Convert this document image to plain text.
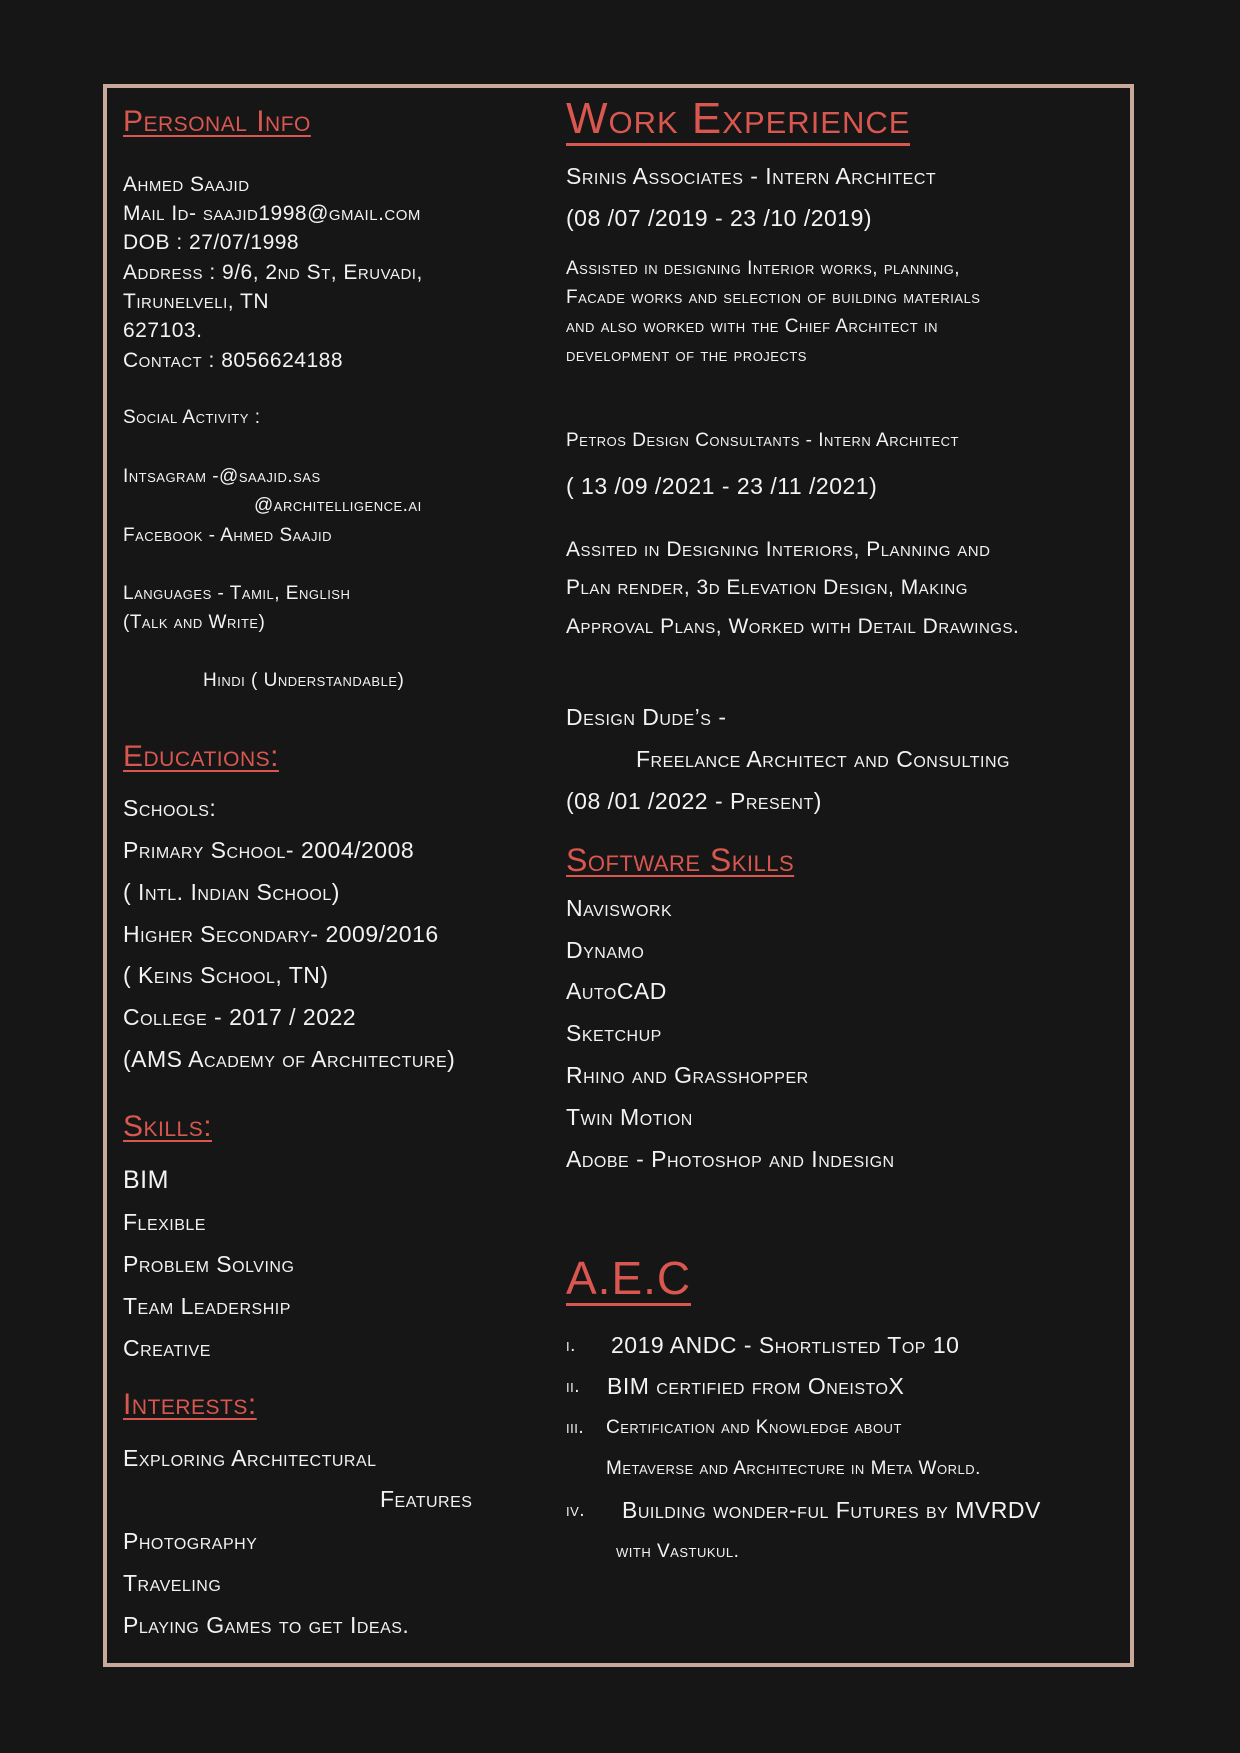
Personal Info
Ahmed Saajid
Mail Id- saajid1998@gmail.com
DOB : 27/07/1998
Address : 9/6, 2nd St, Eruvadi,
Tirunelveli, TN
627103.
Contact : 8056624188
Social Activity :
Intsagram -@saajid.sas
@architelligence.ai
Facebook - Ahmed Saajid
Languages - Tamil, English
(Talk and Write)
Hindi ( Understandable)
Educations:
Schools:
Primary School- 2004/2008
( Intl. Indian School)
Higher Secondary- 2009/2016
( Keins School, TN)
College - 2017 / 2022
(AMS Academy of Architecture)
Skills:
BIM
Flexible
Problem Solving
Team Leadership
Creative
Interests:
Exploring Architectural
Features
Photography
Traveling
Playing Games to get Ideas.
Work Experience
Srinis Associates - Intern Architect
(08 /07 /2019 - 23 /10 /2019)
Assisted in designing Interior works, planning,
Facade works and selection of building materials
and also worked with the Chief Architect in
development of the projects
Petros Design Consultants - Intern Architect
( 13 /09 /2021 - 23 /11 /2021)
Assited in Designing Interiors, Planning and
Plan render, 3d Elevation Design, Making
Approval Plans, Worked with Detail Drawings.
Design Dude’s -
Freelance Architect and Consulting
(08 /01 /2022 - Present)
Software Skills
Naviswork
Dynamo
AutoCAD
Sketchup
Rhino and Grasshopper
Twin Motion
Adobe - Photoshop and Indesign
A.E.C
i. 2019 ANDC - Shortlisted Top 10
ii. BIM certified from OneistoX
iii. Certification and Knowledge about
Metaverse and Architecture in Meta World.
iv. Building wonder-ful Futures by MVRDV
with Vastukul.
